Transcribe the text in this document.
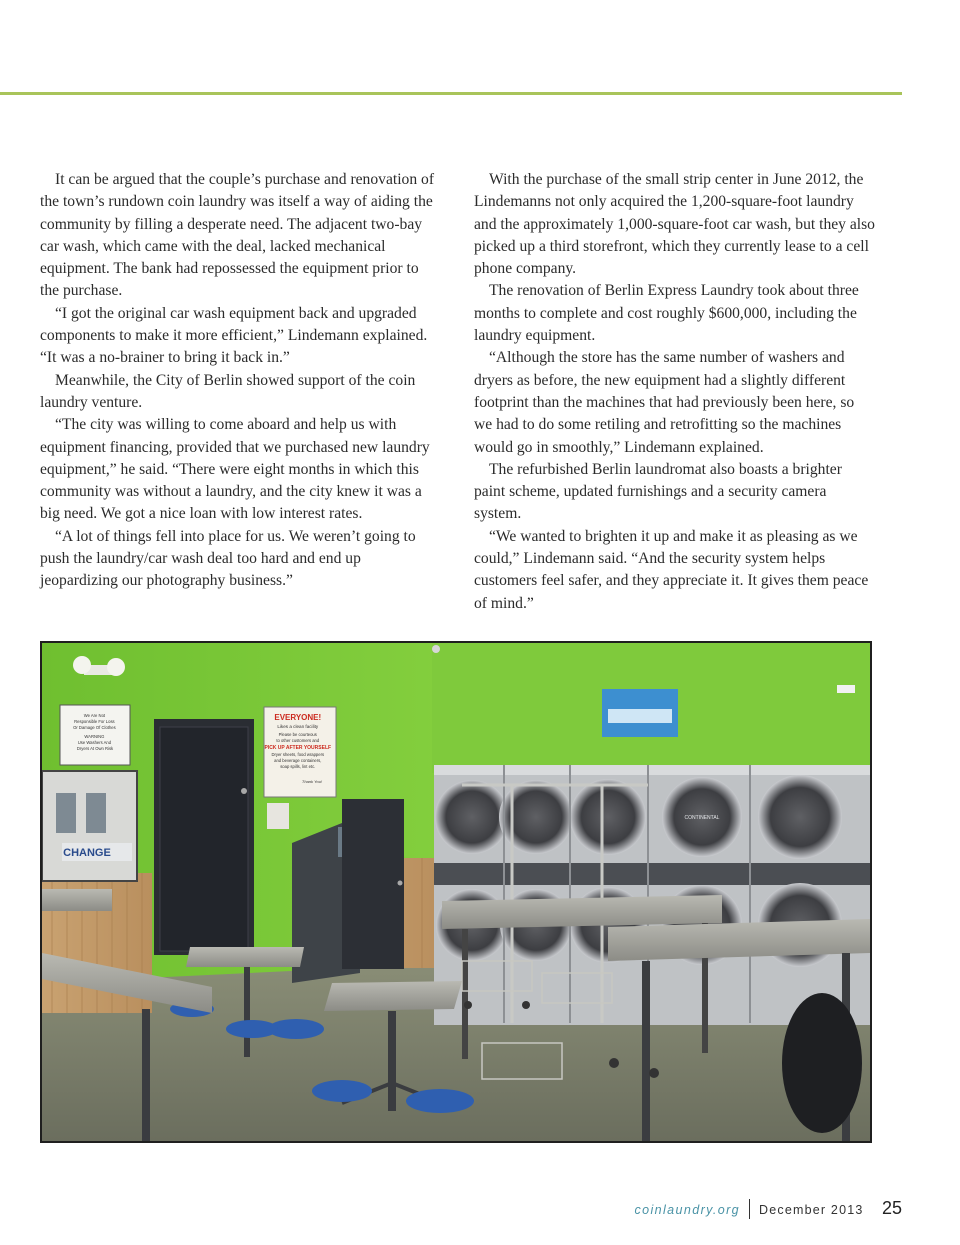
It can be argued that the couple’s purchase and renovation of the town’s rundown coin laundry was itself a way of aiding the community by filling a desperate need. The adjacent two-bay car wash, which came with the deal, lacked mechanical equipment. The bank had repossessed the equipment prior to the purchase.

“I got the original car wash equipment back and upgraded components to make it more efficient,” Lindemann explained. “It was a no-brainer to bring it back in.”

Meanwhile, the City of Berlin showed support of the coin laundry venture.

“The city was willing to come aboard and help us with equipment financing, provided that we purchased new laundry equipment,” he said. “There were eight months in which this community was without a laundry, and the city knew it was a big need. We got a nice loan with low interest rates.

“A lot of things fell into place for us. We weren’t going to push the laundry/car wash deal too hard and end up jeopardizing our photography business.”

With the purchase of the small strip center in June 2012, the Lindemanns not only acquired the 1,200-square-foot laundry and the approximately 1,000-square-foot car wash, but they also picked up a third storefront, which they currently lease to a cell phone company.

The renovation of Berlin Express Laundry took about three months to complete and cost roughly $600,000, including the laundry equipment.

“Although the store has the same number of washers and dryers as before, the new equipment had a slightly different footprint than the machines that had previously been here, so we had to do some retiling and retrofitting so the machines would go in smoothly,” Lindemann explained.

The refurbished Berlin laundromat also boasts a brighter paint scheme, updated furnishings and a security camera system.

“We wanted to brighten it up and make it as pleasing as we could,” Lindemann said. “And the security system helps customers feel safer, and they appreciate it. It gives them peace of mind.”

We Are Not Responsible For Loss Or Damage Of Clothes WARNING Use Washers And Dryers At Own Risk
CHANGE
EVERYONE! Likes a clean facility Please be courteous to other customers and PICK UP AFTER YOURSELF Dryer sheets, food wrappers and beverage containers, soap spills, lint etc. Thank You!
CONTINENTAL
coinlaundry.org December 2013 25
